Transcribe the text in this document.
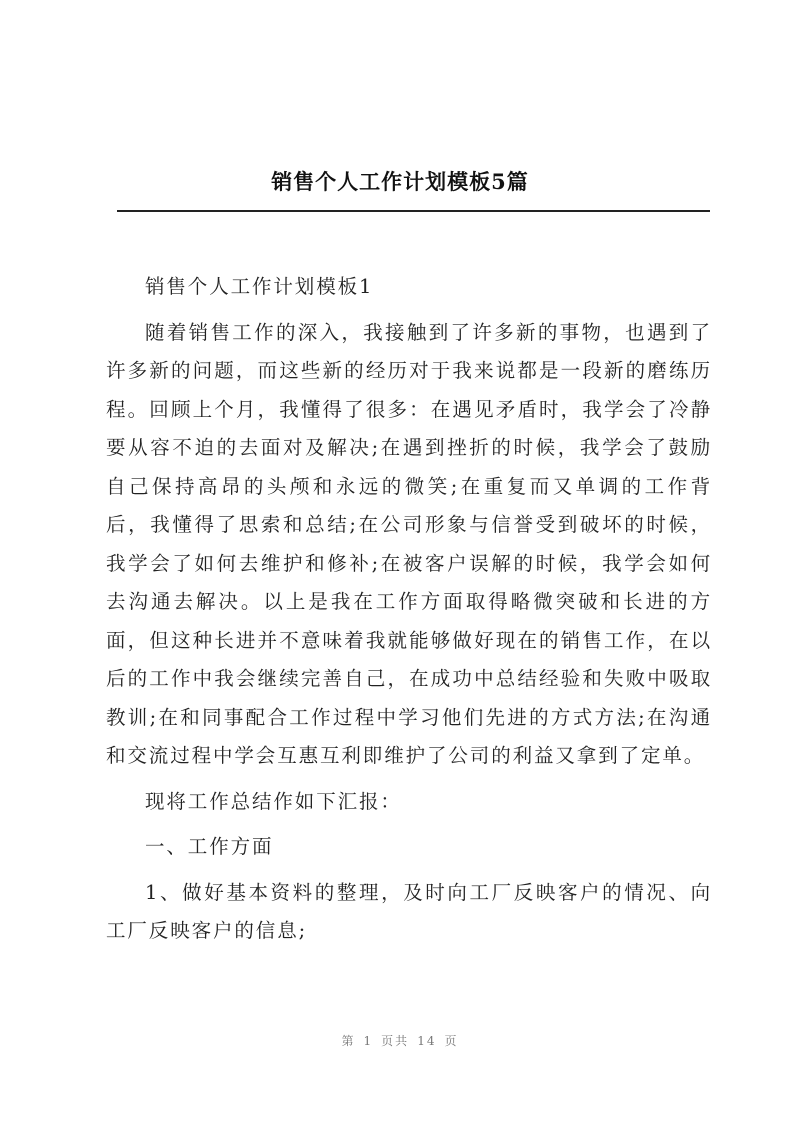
销售个人工作计划模板5篇

销售个人工作计划模板1

随着销售工作的深入，我接触到了许多新的事物，也遇到了许多新的问题，而这些新的经历对于我来说都是一段新的磨练历程。回顾上个月，我懂得了很多：在遇见矛盾时，我学会了冷静要从容不迫的去面对及解决;在遇到挫折的时候，我学会了鼓励自己保持高昂的头颅和永远的微笑;在重复而又单调的工作背后，我懂得了思索和总结;在公司形象与信誉受到破坏的时候，我学会了如何去维护和修补;在被客户误解的时候，我学会如何去沟通去解决。以上是我在工作方面取得略微突破和长进的方面，但这种长进并不意味着我就能够做好现在的销售工作，在以后的工作中我会继续完善自己，在成功中总结经验和失败中吸取教训;在和同事配合工作过程中学习他们先进的方式方法;在沟通和交流过程中学会互惠互利即维护了公司的利益又拿到了定单。

现将工作总结作如下汇报：

一、工作方面

1、做好基本资料的整理，及时向工厂反映客户的情况、向工厂反映客户的信息;

第 1 页共 14 页
